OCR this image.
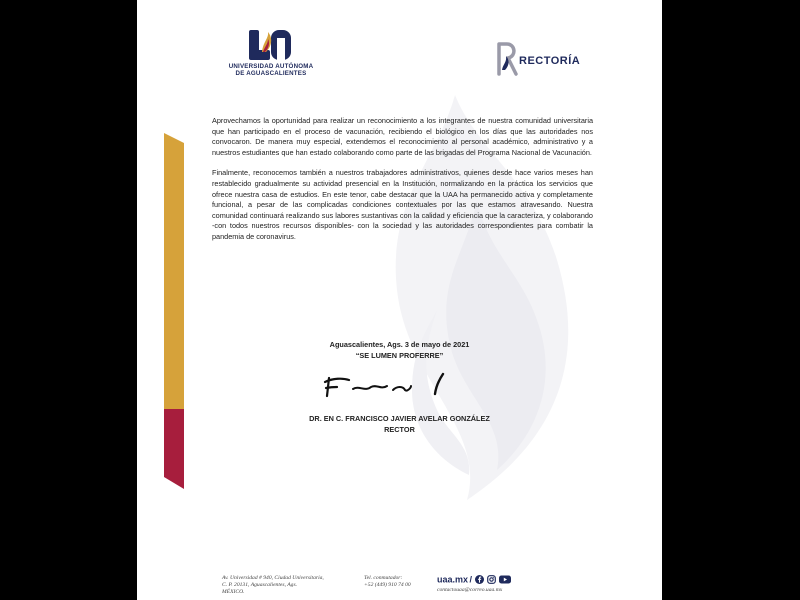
UNIVERSIDAD AUTÓNOMA
DE AGUASCALIENTES
RECTORÍA

Aprovechamos la oportunidad para realizar un reconocimiento a los integrantes de nuestra comunidad universitaria que han participado en el proceso de vacunación, recibiendo el biológico en los días que las autoridades nos convocaron. De manera muy especial, extendemos el reconocimiento al personal académico, administrativo y a nuestros estudiantes que han estado colaborando como parte de las brigadas del Programa Nacional de Vacunación.

Finalmente, reconocemos también a nuestros trabajadores administrativos, quienes desde hace varios meses han restablecido gradualmente su actividad presencial en la Institución, normalizando en la práctica los servicios que ofrece nuestra casa de estudios. En este tenor, cabe destacar que la UAA ha permanecido activa y completamente funcional, a pesar de las complicadas condiciones contextuales por las que estamos atravesando. Nuestra comunidad continuará realizando sus labores sustantivas con la calidad y eficiencia que la caracteriza, y colaborando -con todos nuestros recursos disponibles- con la sociedad y las autoridades correspondientes para combatir la pandemia de coronavirus.

Aguascalientes, Ags. 3 de mayo de 2021
“SE LUMEN PROFERRE”
DR. EN C. FRANCISCO JAVIER AVELAR GONZÁLEZ
RECTOR
Av. Universidad # 940, Ciudad Universitaria,
C. P. 20131, Aguascalientes, Ags.
MÉXICO.
Tel. conmutador:
+52 (449) 910 74 00
uaa.mx /
contactouaa@correo.uaa.mx
